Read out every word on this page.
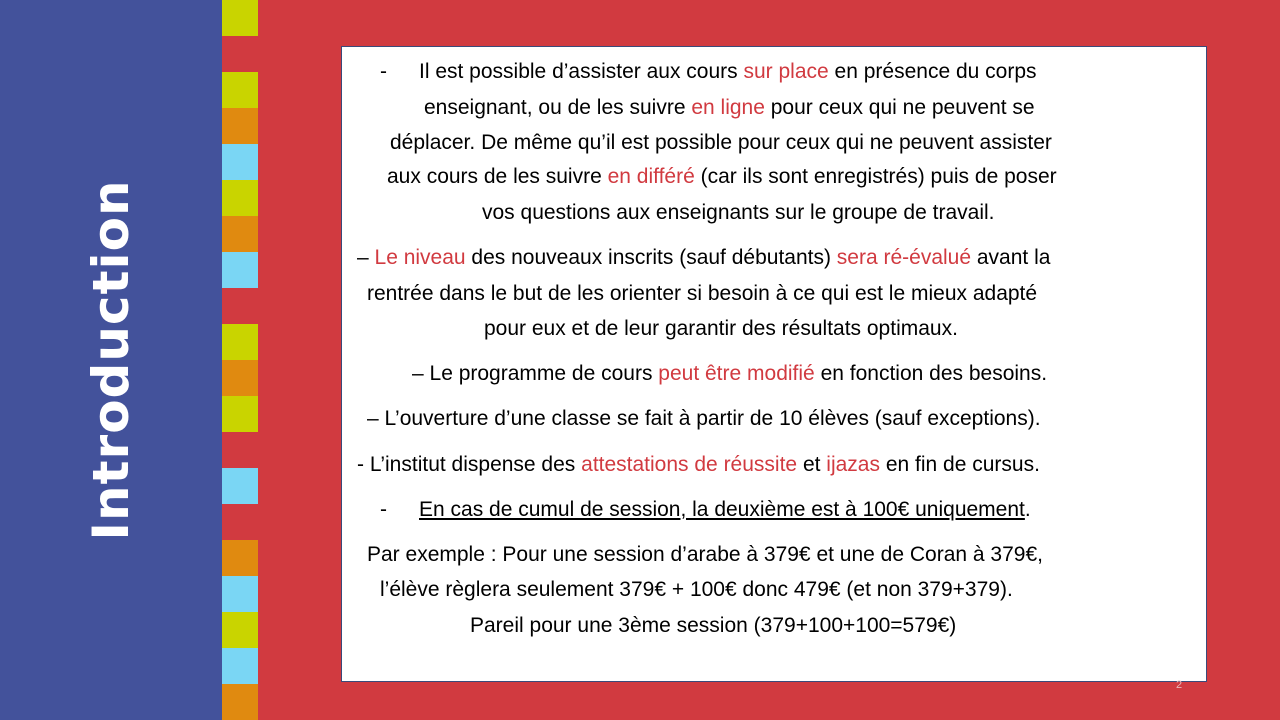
Introduction
- Il est possible d’assister aux cours sur place en présence du corps
enseignant, ou de les suivre en ligne pour ceux qui ne peuvent se
déplacer. De même qu’il est possible pour ceux qui ne peuvent assister
aux cours de les suivre en différé (car ils sont enregistrés) puis de poser
vos questions aux enseignants sur le groupe de travail.
– Le niveau des nouveaux inscrits (sauf débutants) sera ré-évalué avant la
rentrée dans le but de les orienter si besoin à ce qui est le mieux adapté
pour eux et de leur garantir des résultats optimaux.
– Le programme de cours peut être modifié en fonction des besoins.
– L’ouverture d’une classe se fait à partir de 10 élèves (sauf exceptions).
- L’institut dispense des attestations de réussite et ijazas en fin de cursus.
- En cas de cumul de session, la deuxième est à 100€ uniquement.
Par exemple : Pour une session d’arabe à 379€ et une de Coran à 379€,
l’élève règlera seulement 379€ + 100€ donc 479€ (et non 379+379).
Pareil pour une 3ème session (379+100+100=579€)
2
